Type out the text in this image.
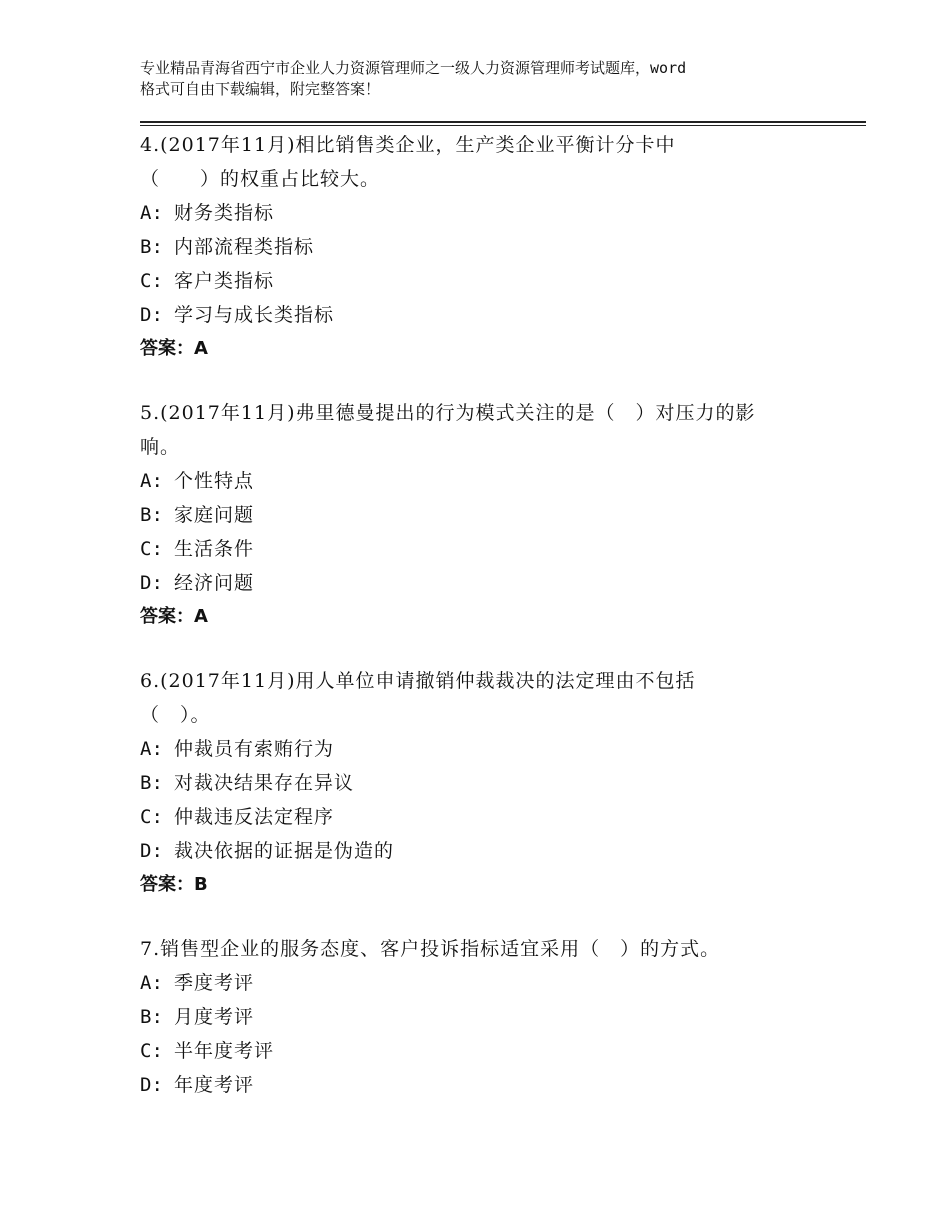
专业精品青海省西宁市企业人力资源管理师之一级人力资源管理师考试题库，word
格式可自由下载编辑，附完整答案！
4.(2017年11月)相比销售类企业，生产类企业平衡计分卡中
（　　）的权重占比较大。
A: 财务类指标
B: 内部流程类指标
C: 客户类指标
D: 学习与成长类指标
答案：A
5.(2017年11月)弗里德曼提出的行为模式关注的是（　）对压力的影
响。
A: 个性特点
B: 家庭问题
C: 生活条件
D: 经济问题
答案：A
6.(2017年11月)用人单位申请撤销仲裁裁决的法定理由不包括
（　）。
A: 仲裁员有索贿行为
B: 对裁决结果存在异议
C: 仲裁违反法定程序
D: 裁决依据的证据是伪造的
答案：B
7.销售型企业的服务态度、客户投诉指标适宜采用（　）的方式。
A: 季度考评
B: 月度考评
C: 半年度考评
D: 年度考评
